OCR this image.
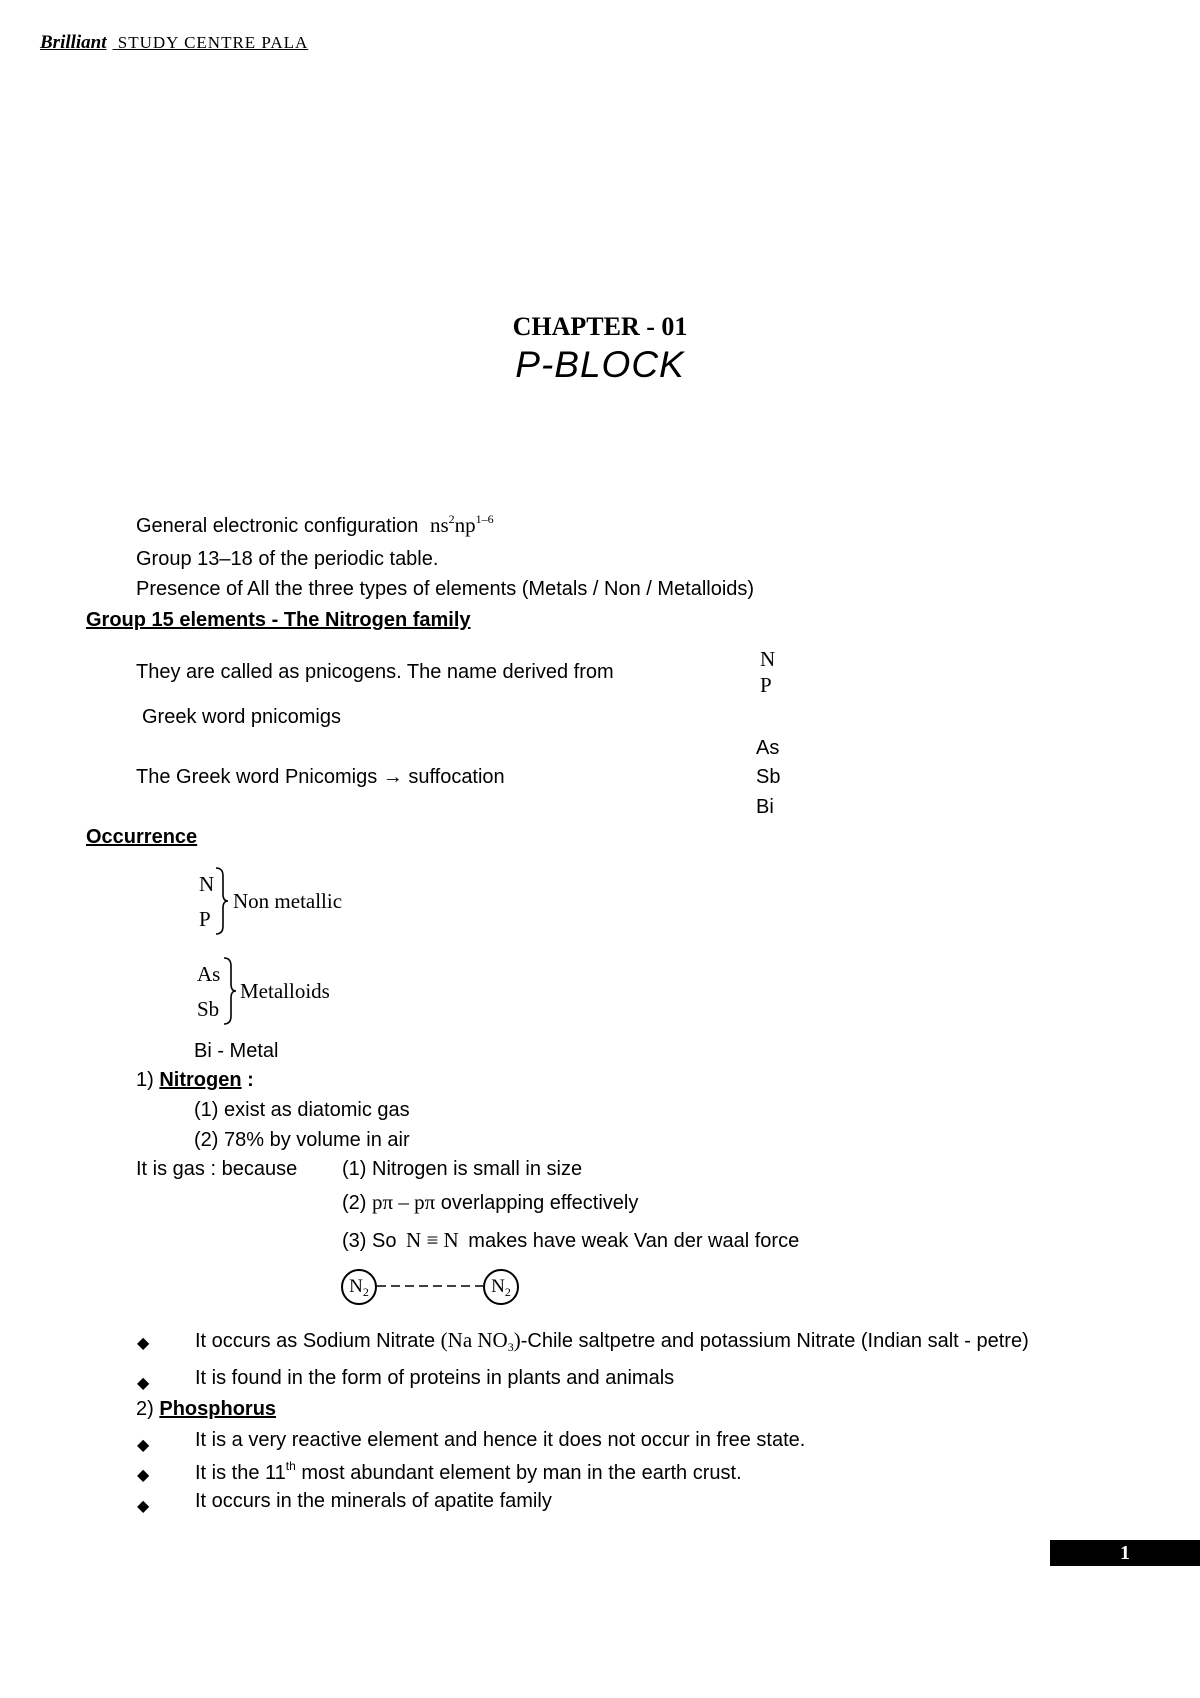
Brilliant STUDY CENTRE PALA
CHAPTER - 01
P-BLOCK
General electronic configuration $ns^2np^{1-6}$
Group 13–18 of the periodic table.
Presence of All the three types of elements (Metals / Non / Metalloids)
Group 15 elements - The Nitrogen family
They are called as pnicogens. The name derived from
Greek word pnicomigs
The Greek word Pnicomigs → suffocation
N
P
As
Sb
Bi
Occurrence
N
P
Non metallic
As
Sb
Metalloids
Bi - Metal
1) Nitrogen :
(1) exist as diatomic gas
(2) 78% by volume in air
It is gas : because (1) Nitrogen is small in size
(2) pπ – pπ overlapping effectively
(3) So N ≡ N makes have weak Van der waal force
$N_2$	$N_2$
◆ It occurs as Sodium Nitrate (Na $NO_3$)-Chile saltpetre and potassium Nitrate (Indian salt - petre)
◆ It is found in the form of proteins in plants and animals
2) Phosphorus
◆ It is a very reactive element and hence it does not occur in free state.
◆ It is the 11th most abundant element by man in the earth crust.
◆ It occurs in the minerals of apatite family
1
